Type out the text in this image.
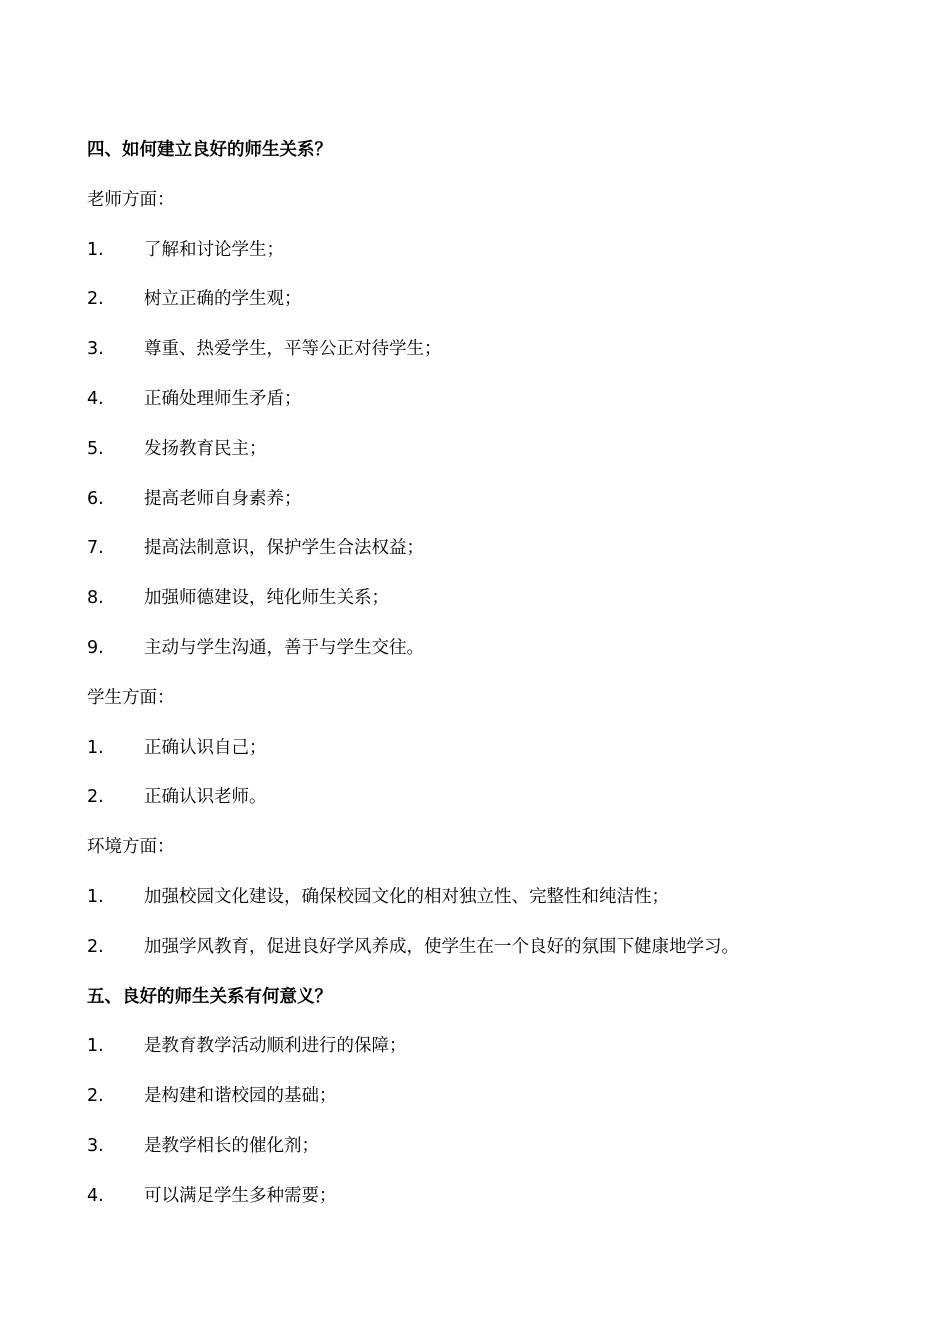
四、如何建立良好的师生关系？
老师方面：
1.	了解和讨论学生；
2.	树立正确的学生观；
3.	尊重、热爱学生，平等公正对待学生；
4.	正确处理师生矛盾；
5.	发扬教育民主；
6.	提高老师自身素养；
7.	提高法制意识，保护学生合法权益；
8.	加强师德建设，纯化师生关系；
9.	主动与学生沟通，善于与学生交往。
学生方面：
1.	正确认识自己；
2.	正确认识老师。
环境方面：
1.	加强校园文化建设，确保校园文化的相对独立性、完整性和纯洁性；
2.	加强学风教育，促进良好学风养成，使学生在一个良好的氛围下健康地学习。
五、良好的师生关系有何意义？
1.	是教育教学活动顺利进行的保障；
2.	是构建和谐校园的基础；
3.	是教学相长的催化剂；
4.	可以满足学生多种需要；
